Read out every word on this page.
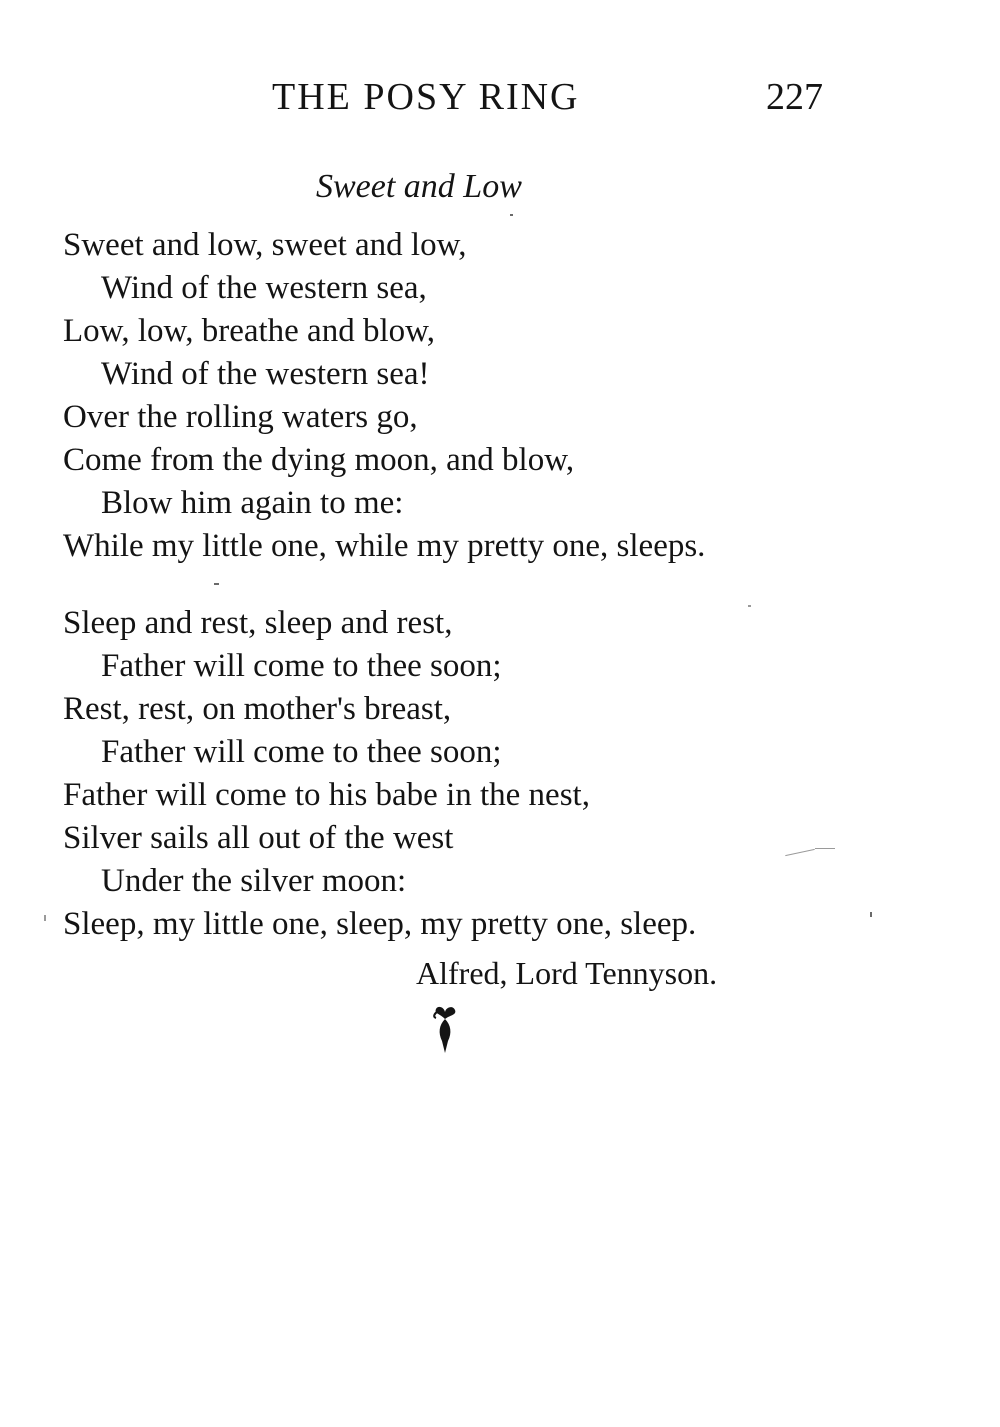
THE POSY RING	227
Sweet and Low
Sweet and low, sweet and low,
Wind of the western sea,
Low, low, breathe and blow,
Wind of the western sea!
Over the rolling waters go,
Come from the dying moon, and blow,
Blow him again to me:
While my little one, while my pretty one, sleeps.
Sleep and rest, sleep and rest,
Father will come to thee soon;
Rest, rest, on mother's breast,
Father will come to thee soon;
Father will come to his babe in the nest,
Silver sails all out of the west
Under the silver moon:
Sleep, my little one, sleep, my pretty one, sleep.
Alfred, Lord Tennyson.
